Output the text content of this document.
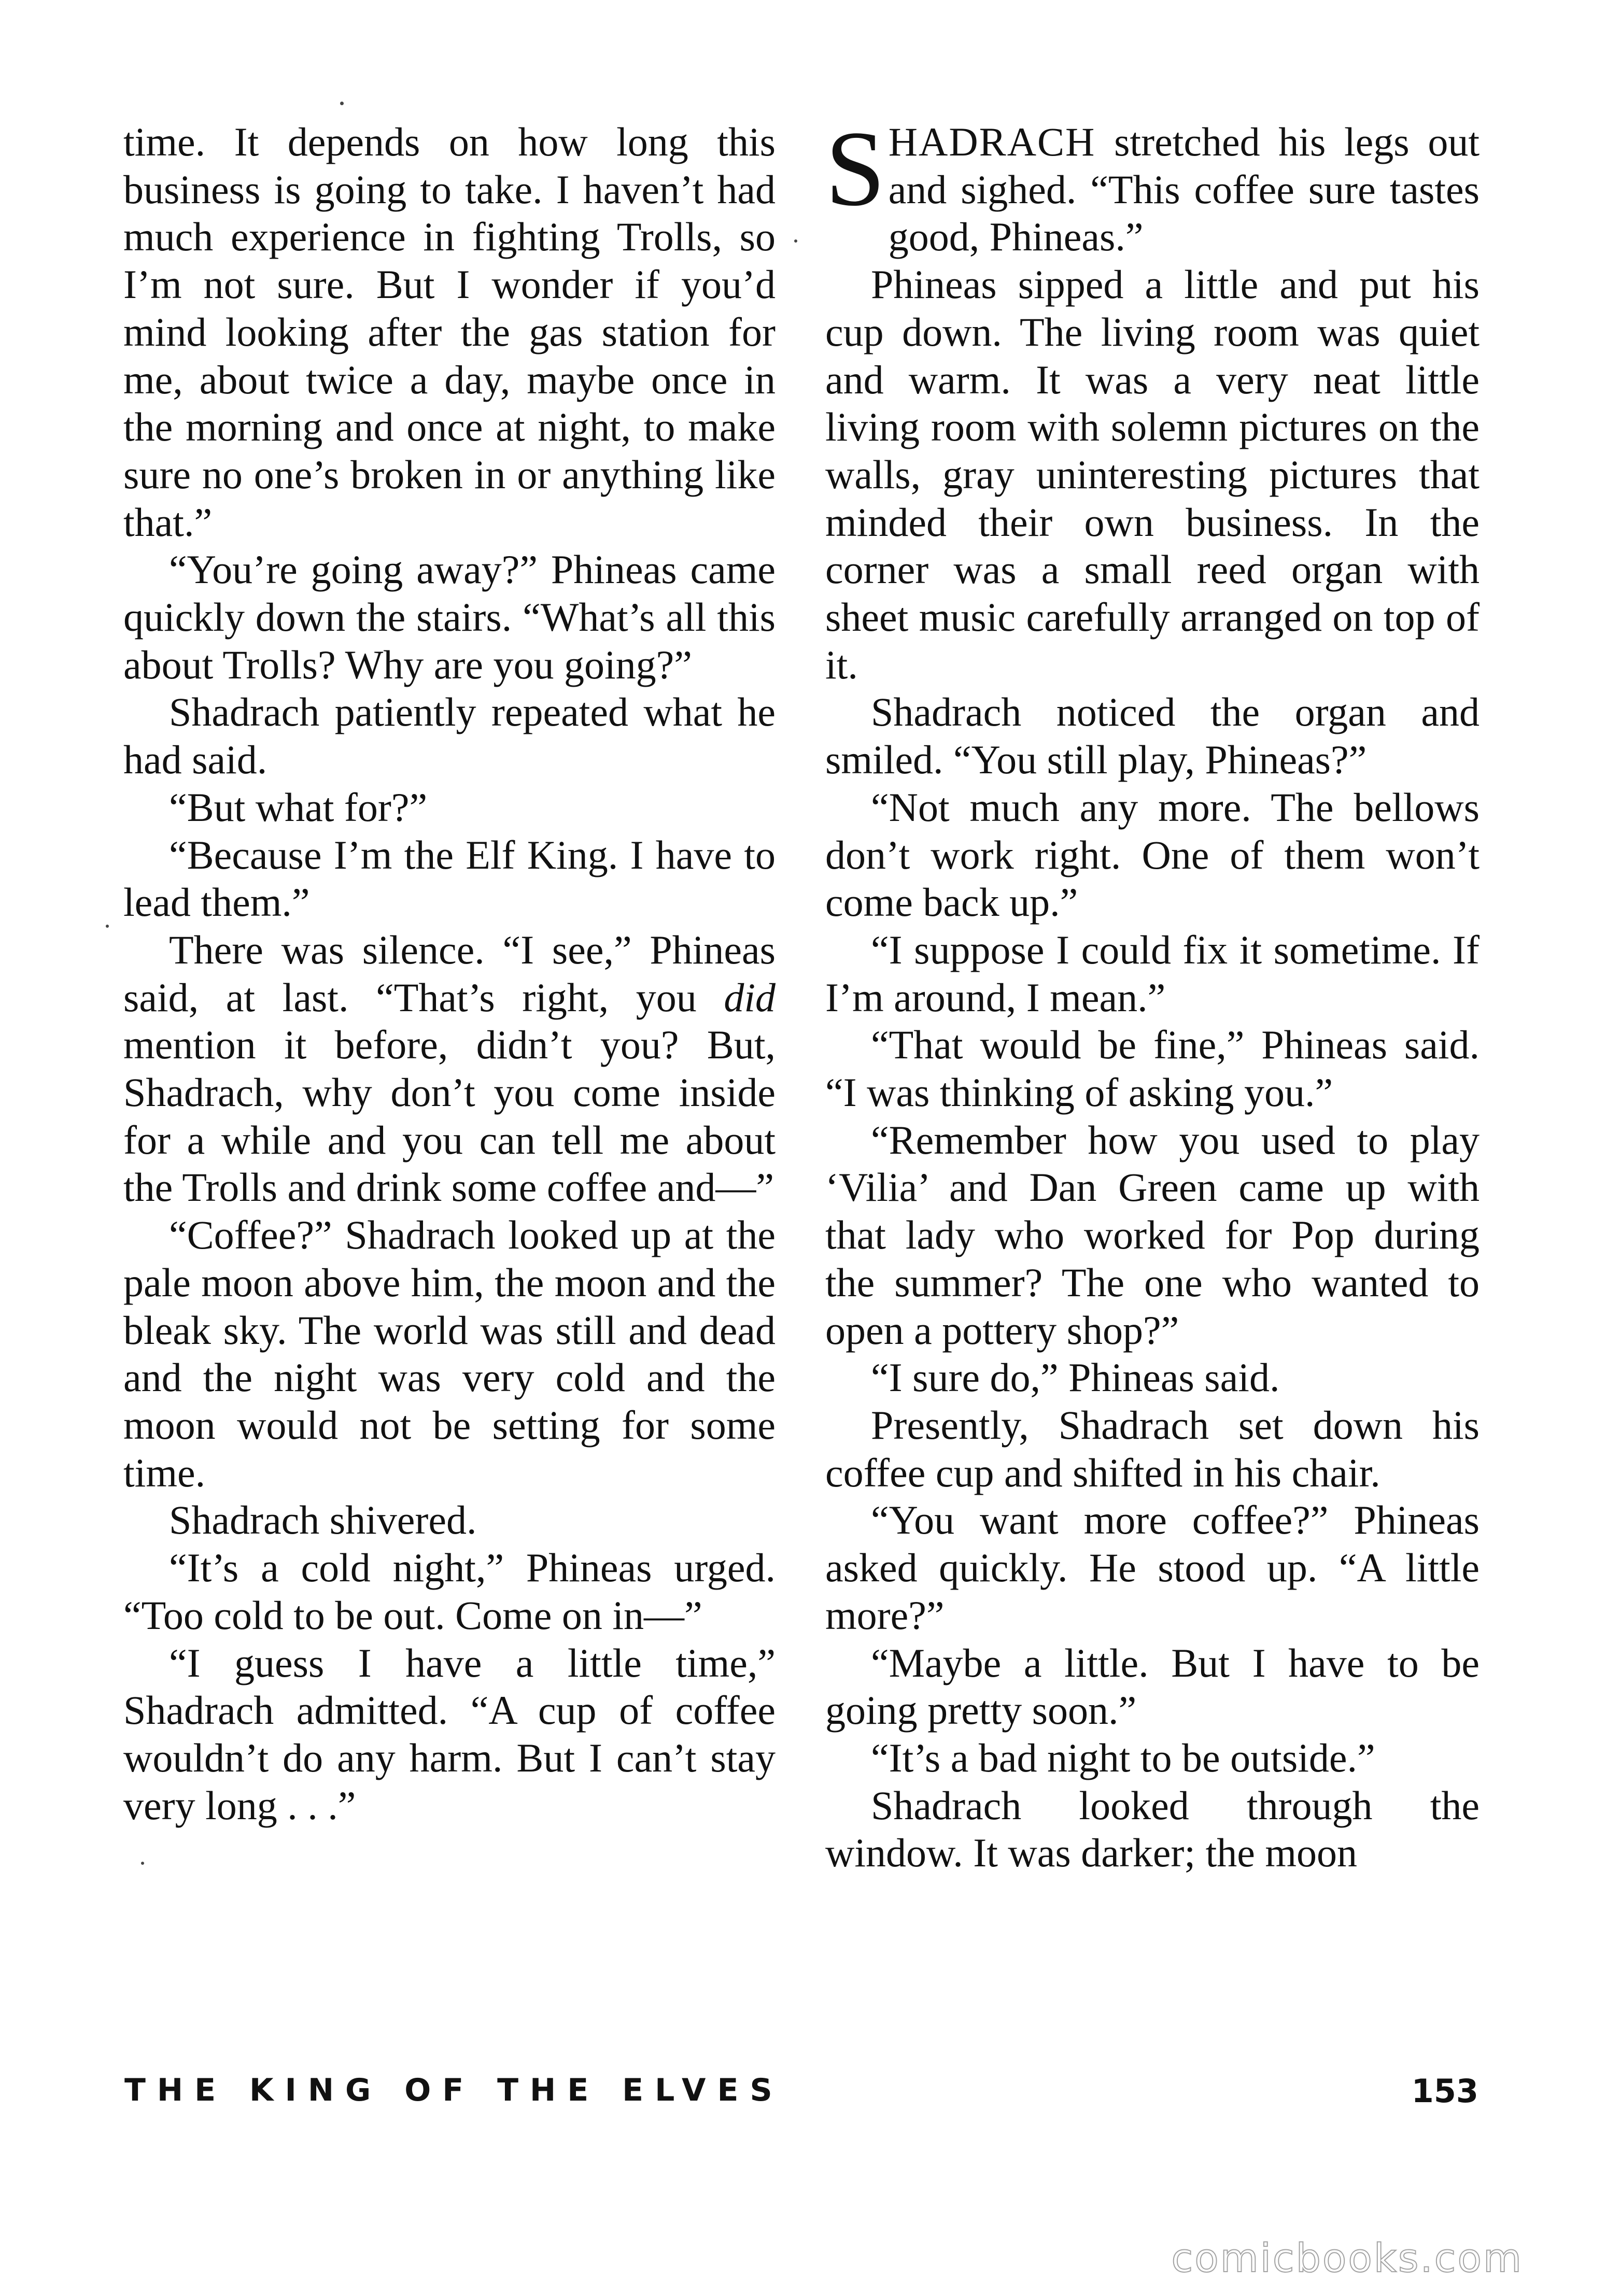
time. It depends on how long this business is going to take. I haven’t had much experience in fighting Trolls, so I’m not sure. But I wonder if you’d mind looking after the gas station for me, about twice a day, maybe once in the morning and once at night, to make sure no one’s broken in or anything like that.”

“You’re going away?” Phineas came quickly down the stairs. “What’s all this about Trolls? Why are you going?”

Shadrach patiently repeated what he had said.

“But what for?”

“Because I’m the Elf King. I have to lead them.”

There was silence. “I see,” Phineas said, at last. “That’s right, you did mention it before, didn’t you? But, Shadrach, why don’t you come inside for a while and you can tell me about the Trolls and drink some coffee and—”

“Coffee?” Shadrach looked up at the pale moon above him, the moon and the bleak sky. The world was still and dead and the night was very cold and the moon would not be setting for some time.

Shadrach shivered.

“It’s a cold night,” Phineas urged. “Too cold to be out. Come on in—”

“I guess I have a little time,” Shadrach admitted. “A cup of coffee wouldn’t do any harm. But I can’t stay very long . . .”

SHADRACH stretched his legs out and sighed. “This coffee sure tastes good, Phineas.”

Phineas sipped a little and put his cup down. The living room was quiet and warm. It was a very neat little living room with solemn pictures on the walls, gray uninteresting pictures that minded their own business. In the corner was a small reed organ with sheet music carefully arranged on top of it.

Shadrach noticed the organ and smiled. “You still play, Phineas?”

“Not much any more. The bellows don’t work right. One of them won’t come back up.”

“I suppose I could fix it sometime. If I’m around, I mean.”

“That would be fine,” Phineas said. “I was thinking of asking you.”

“Remember how you used to play ‘Vilia’ and Dan Green came up with that lady who worked for Pop during the summer? The one who wanted to open a pottery shop?”

“I sure do,” Phineas said.

Presently, Shadrach set down his coffee cup and shifted in his chair.

“You want more coffee?” Phineas asked quickly. He stood up. “A little more?”

“Maybe a little. But I have to be going pretty soon.”

“It’s a bad night to be outside.”

Shadrach looked through the window. It was darker; the moon

THE KING OF THE ELVES	153
comicbooks.com
